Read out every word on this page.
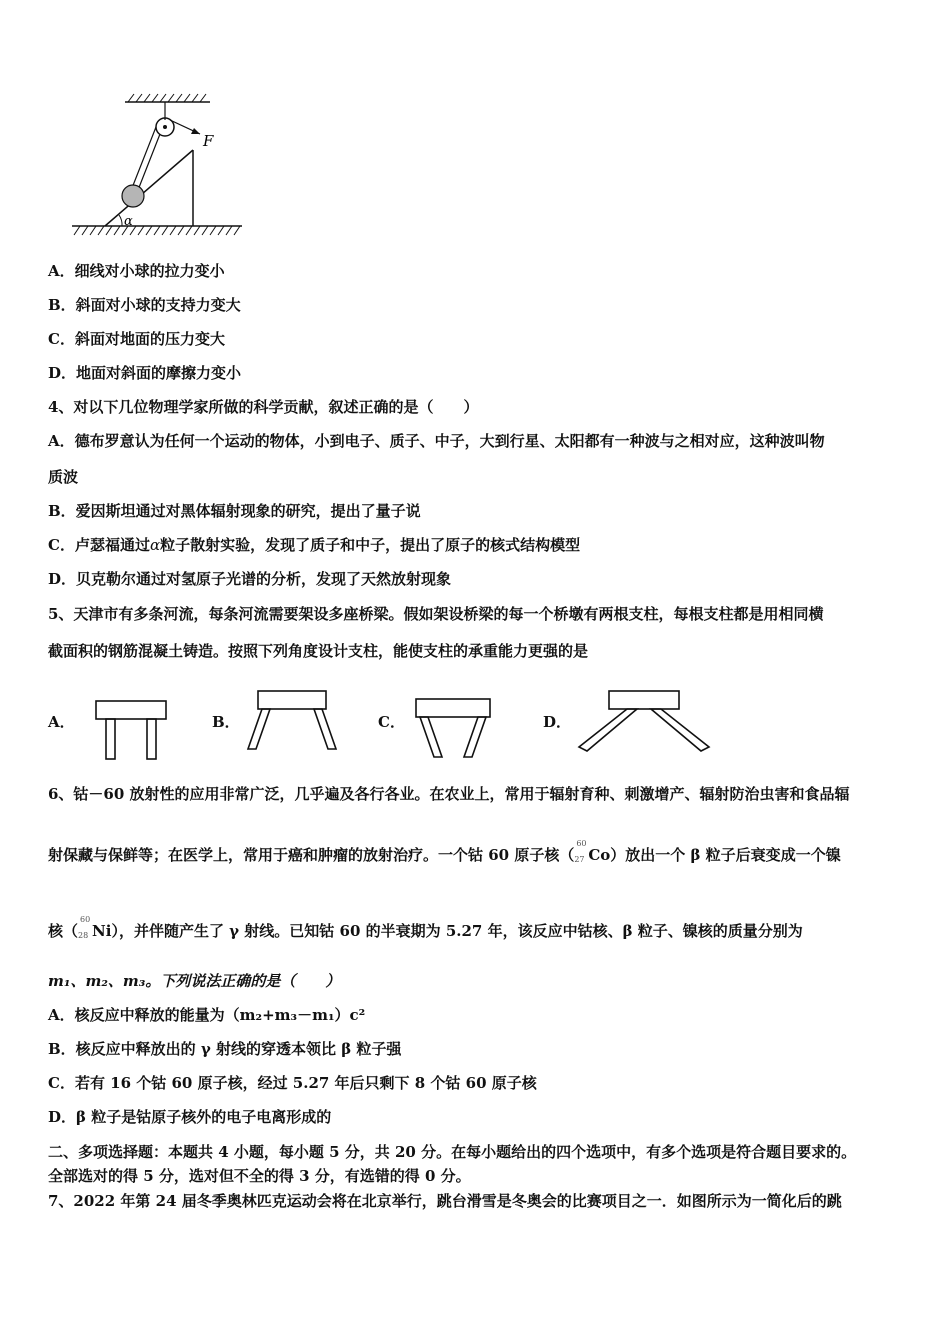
F
α
A．细线对小球的拉力变小
B．斜面对小球的支持力变大
C．斜面对地面的压力变大
D．地面对斜面的摩擦力变小
4、对以下几位物理学家所做的科学贡献，叙述正确的是（　　）
A．德布罗意认为任何一个运动的物体，小到电子、质子、中子，大到行星、太阳都有一种波与之相对应，这种波叫物
质波
B．爱因斯坦通过对黑体辐射现象的研究，提出了量子说
C．卢瑟福通过α粒子散射实验，发现了质子和中子，提出了原子的核式结构模型
D．贝克勒尔通过对氢原子光谱的分析，发现了天然放射现象
5、天津市有多条河流，每条河流需要架设多座桥梁。假如架设桥梁的每一个桥墩有两根支柱，每根支柱都是用相同横
截面积的钢筋混凝土铸造。按照下列角度设计支柱，能使支柱的承重能力更强的是
A．	B．	C．	D．
6、钴－60 放射性的应用非常广泛，几乎遍及各行各业。在农业上，常用于辐射育种、刺激增产、辐射防治虫害和食品辐
射保藏与保鲜等；在医学上，常用于癌和肿瘤的放射治疗。一个钴 60 原子核（
60
27 Co）放出一个 β 粒子后衰变成一个镍
核（
60
28 Ni），并伴随产生了 γ 射线。已知钴 60 的半衰期为 5.27 年，该反应中钴核、β 粒子、镍核的质量分别为
m₁、m₂、m₃。下列说法正确的是（　　）
A．核反应中释放的能量为（m₂+m₃－m₁）c²
B．核反应中释放出的 γ 射线的穿透本领比 β 粒子强
C．若有 16 个钴 60 原子核，经过 5.27 年后只剩下 8 个钴 60 原子核
D．β 粒子是钴原子核外的电子电离形成的
二、多项选择题：本题共 4 小题，每小题 5 分，共 20 分。在每小题给出的四个选项中，有多个选项是符合题目要求的。
全部选对的得 5 分，选对但不全的得 3 分，有选错的得 0 分。
7、2022 年第 24 届冬季奥林匹克运动会将在北京举行，跳台滑雪是冬奥会的比赛项目之一．如图所示为一简化后的跳
